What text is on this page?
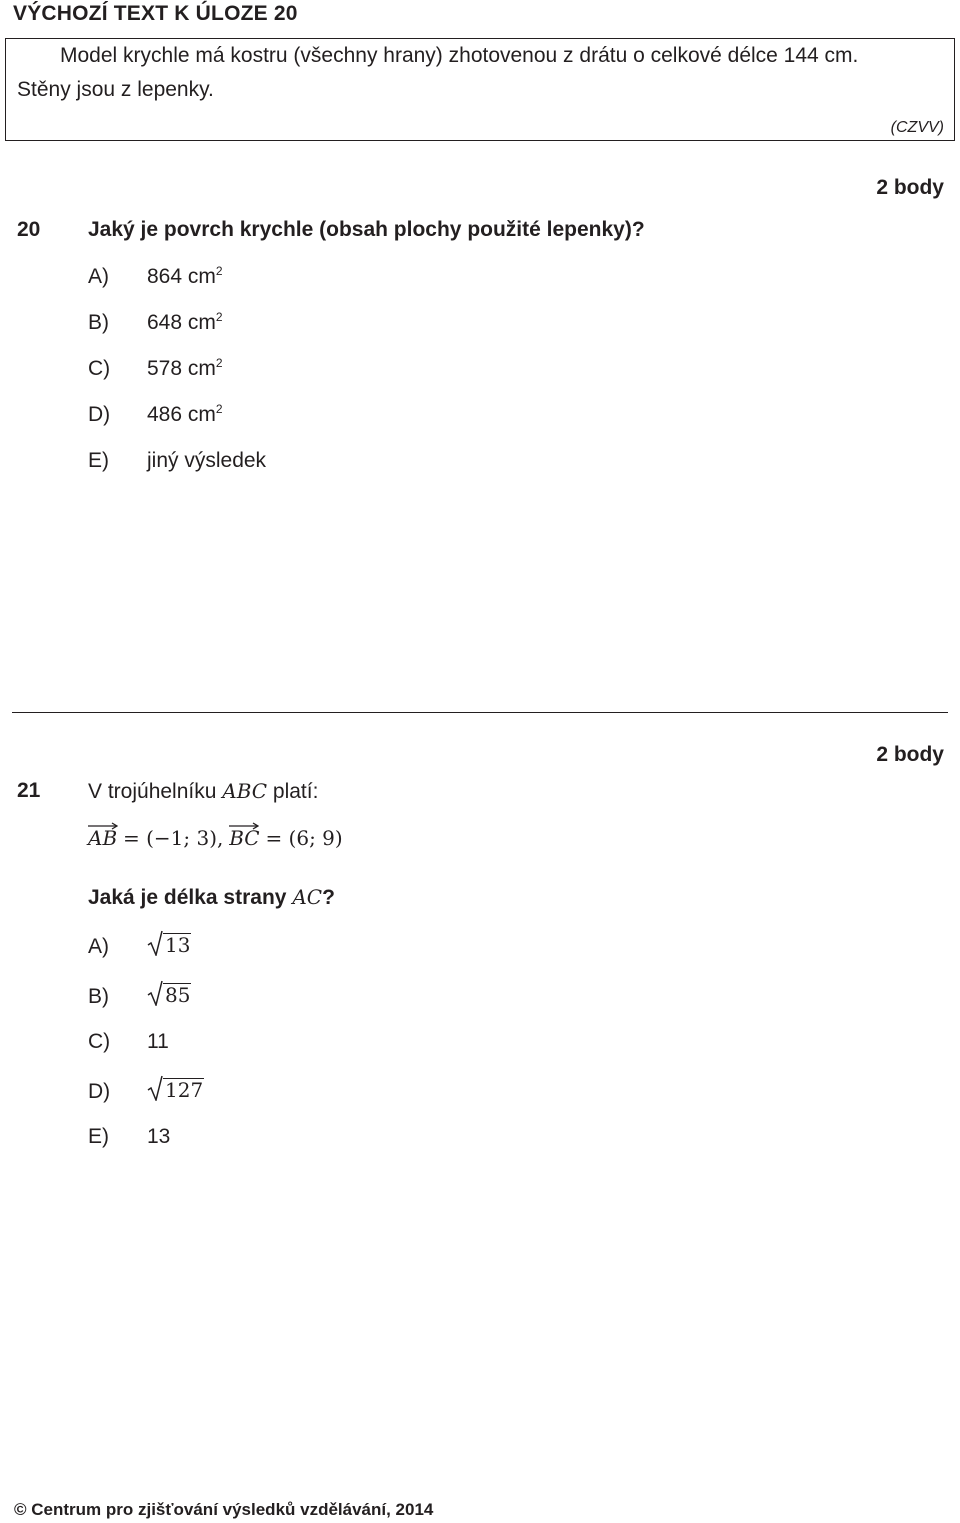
VÝCHOZÍ TEXT K ÚLOZE 20
Model krychle má kostru (všechny hrany) zhotovenou z drátu o celkové délce 144 cm.
Stěny jsou z lepenky.
(CZVV)
2 body
20 Jaký je povrch krychle (obsah plochy použité lepenky)?
A) 864 $cm^2$
B) 648 $cm^2$
C) 578 $cm^2$
D) 486 $cm^2$
E) jiný výsledek
2 body
21 V trojúhelníku ABC platí:
AB = (−1; 3), BC = (6; 9)
Jaká je délka strany AC?
A)	13
B)	85
C) 11
D)	127
E) 13
© Centrum pro zjišťování výsledků vzdělávání, 2014
